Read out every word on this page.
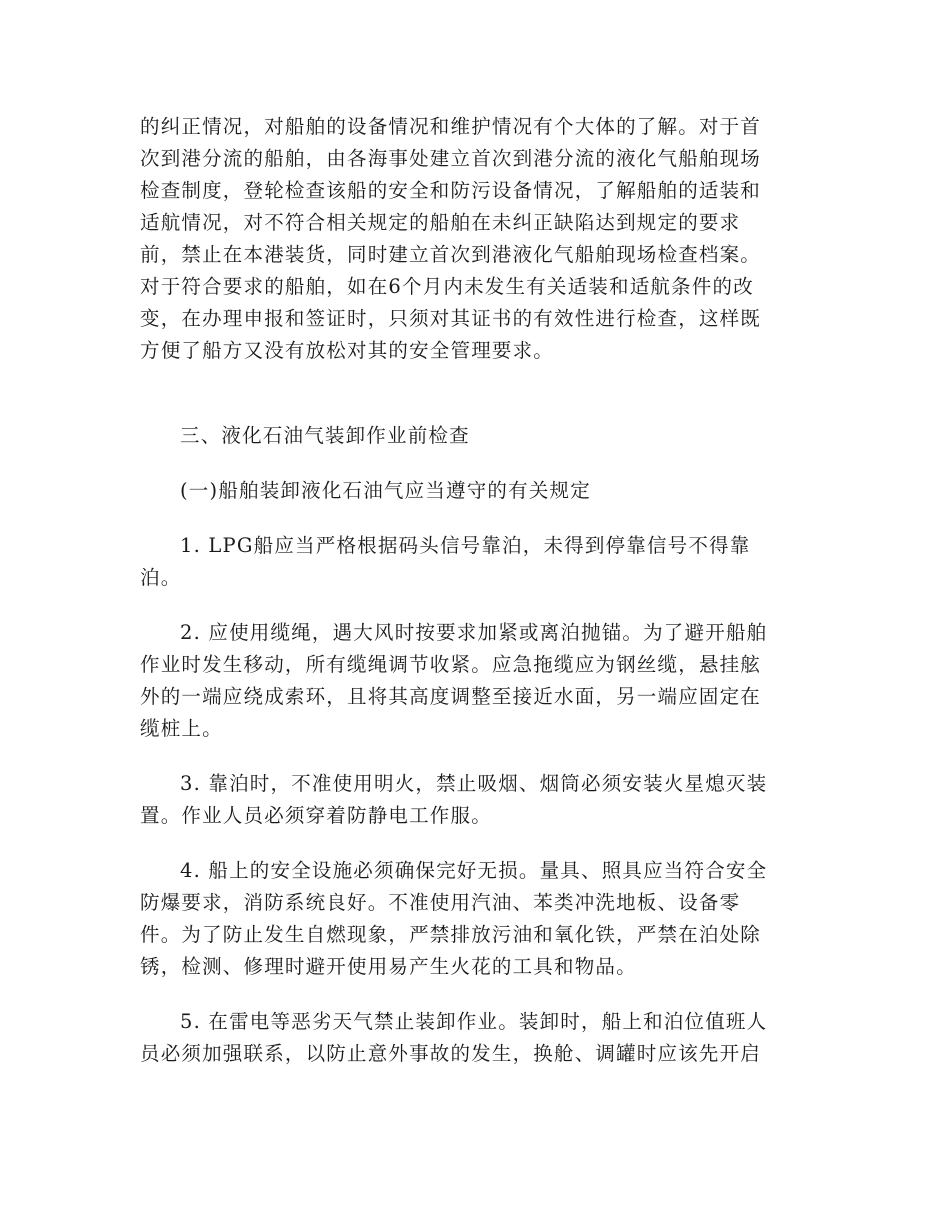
的纠正情况，对船舶的设备情况和维护情况有个大体的了解。对于首
次到港分流的船舶，由各海事处建立首次到港分流的液化气船舶现场
检查制度，登轮检查该船的安全和防污设备情况，了解船舶的适装和
适航情况，对不符合相关规定的船舶在未纠正缺陷达到规定的要求
前，禁止在本港装货，同时建立首次到港液化气船舶现场检查档案。
对于符合要求的船舶，如在6个月内未发生有关适装和适航条件的改
变，在办理申报和签证时，只须对其证书的有效性进行检查，这样既
方便了船方又没有放松对其的安全管理要求。
三、液化石油气装卸作业前检查
(一)船舶装卸液化石油气应当遵守的有关规定
1. LPG船应当严格根据码头信号靠泊，未得到停靠信号不得靠
泊。
2. 应使用缆绳，遇大风时按要求加紧或离泊抛锚。为了避开船舶
作业时发生移动，所有缆绳调节收紧。应急拖缆应为钢丝缆，悬挂舷
外的一端应绕成索环，且将其高度调整至接近水面，另一端应固定在
缆桩上。
3. 靠泊时，不准使用明火，禁止吸烟、烟筒必须安装火星熄灭装
置。作业人员必须穿着防静电工作服。
4. 船上的安全设施必须确保完好无损。量具、照具应当符合安全
防爆要求，消防系统良好。不准使用汽油、苯类冲洗地板、设备零
件。为了防止发生自燃现象，严禁排放污油和氧化铁，严禁在泊处除
锈，检测、修理时避开使用易产生火花的工具和物品。
5. 在雷电等恶劣天气禁止装卸作业。装卸时，船上和泊位值班人
员必须加强联系，以防止意外事故的发生，换舱、调罐时应该先开启
